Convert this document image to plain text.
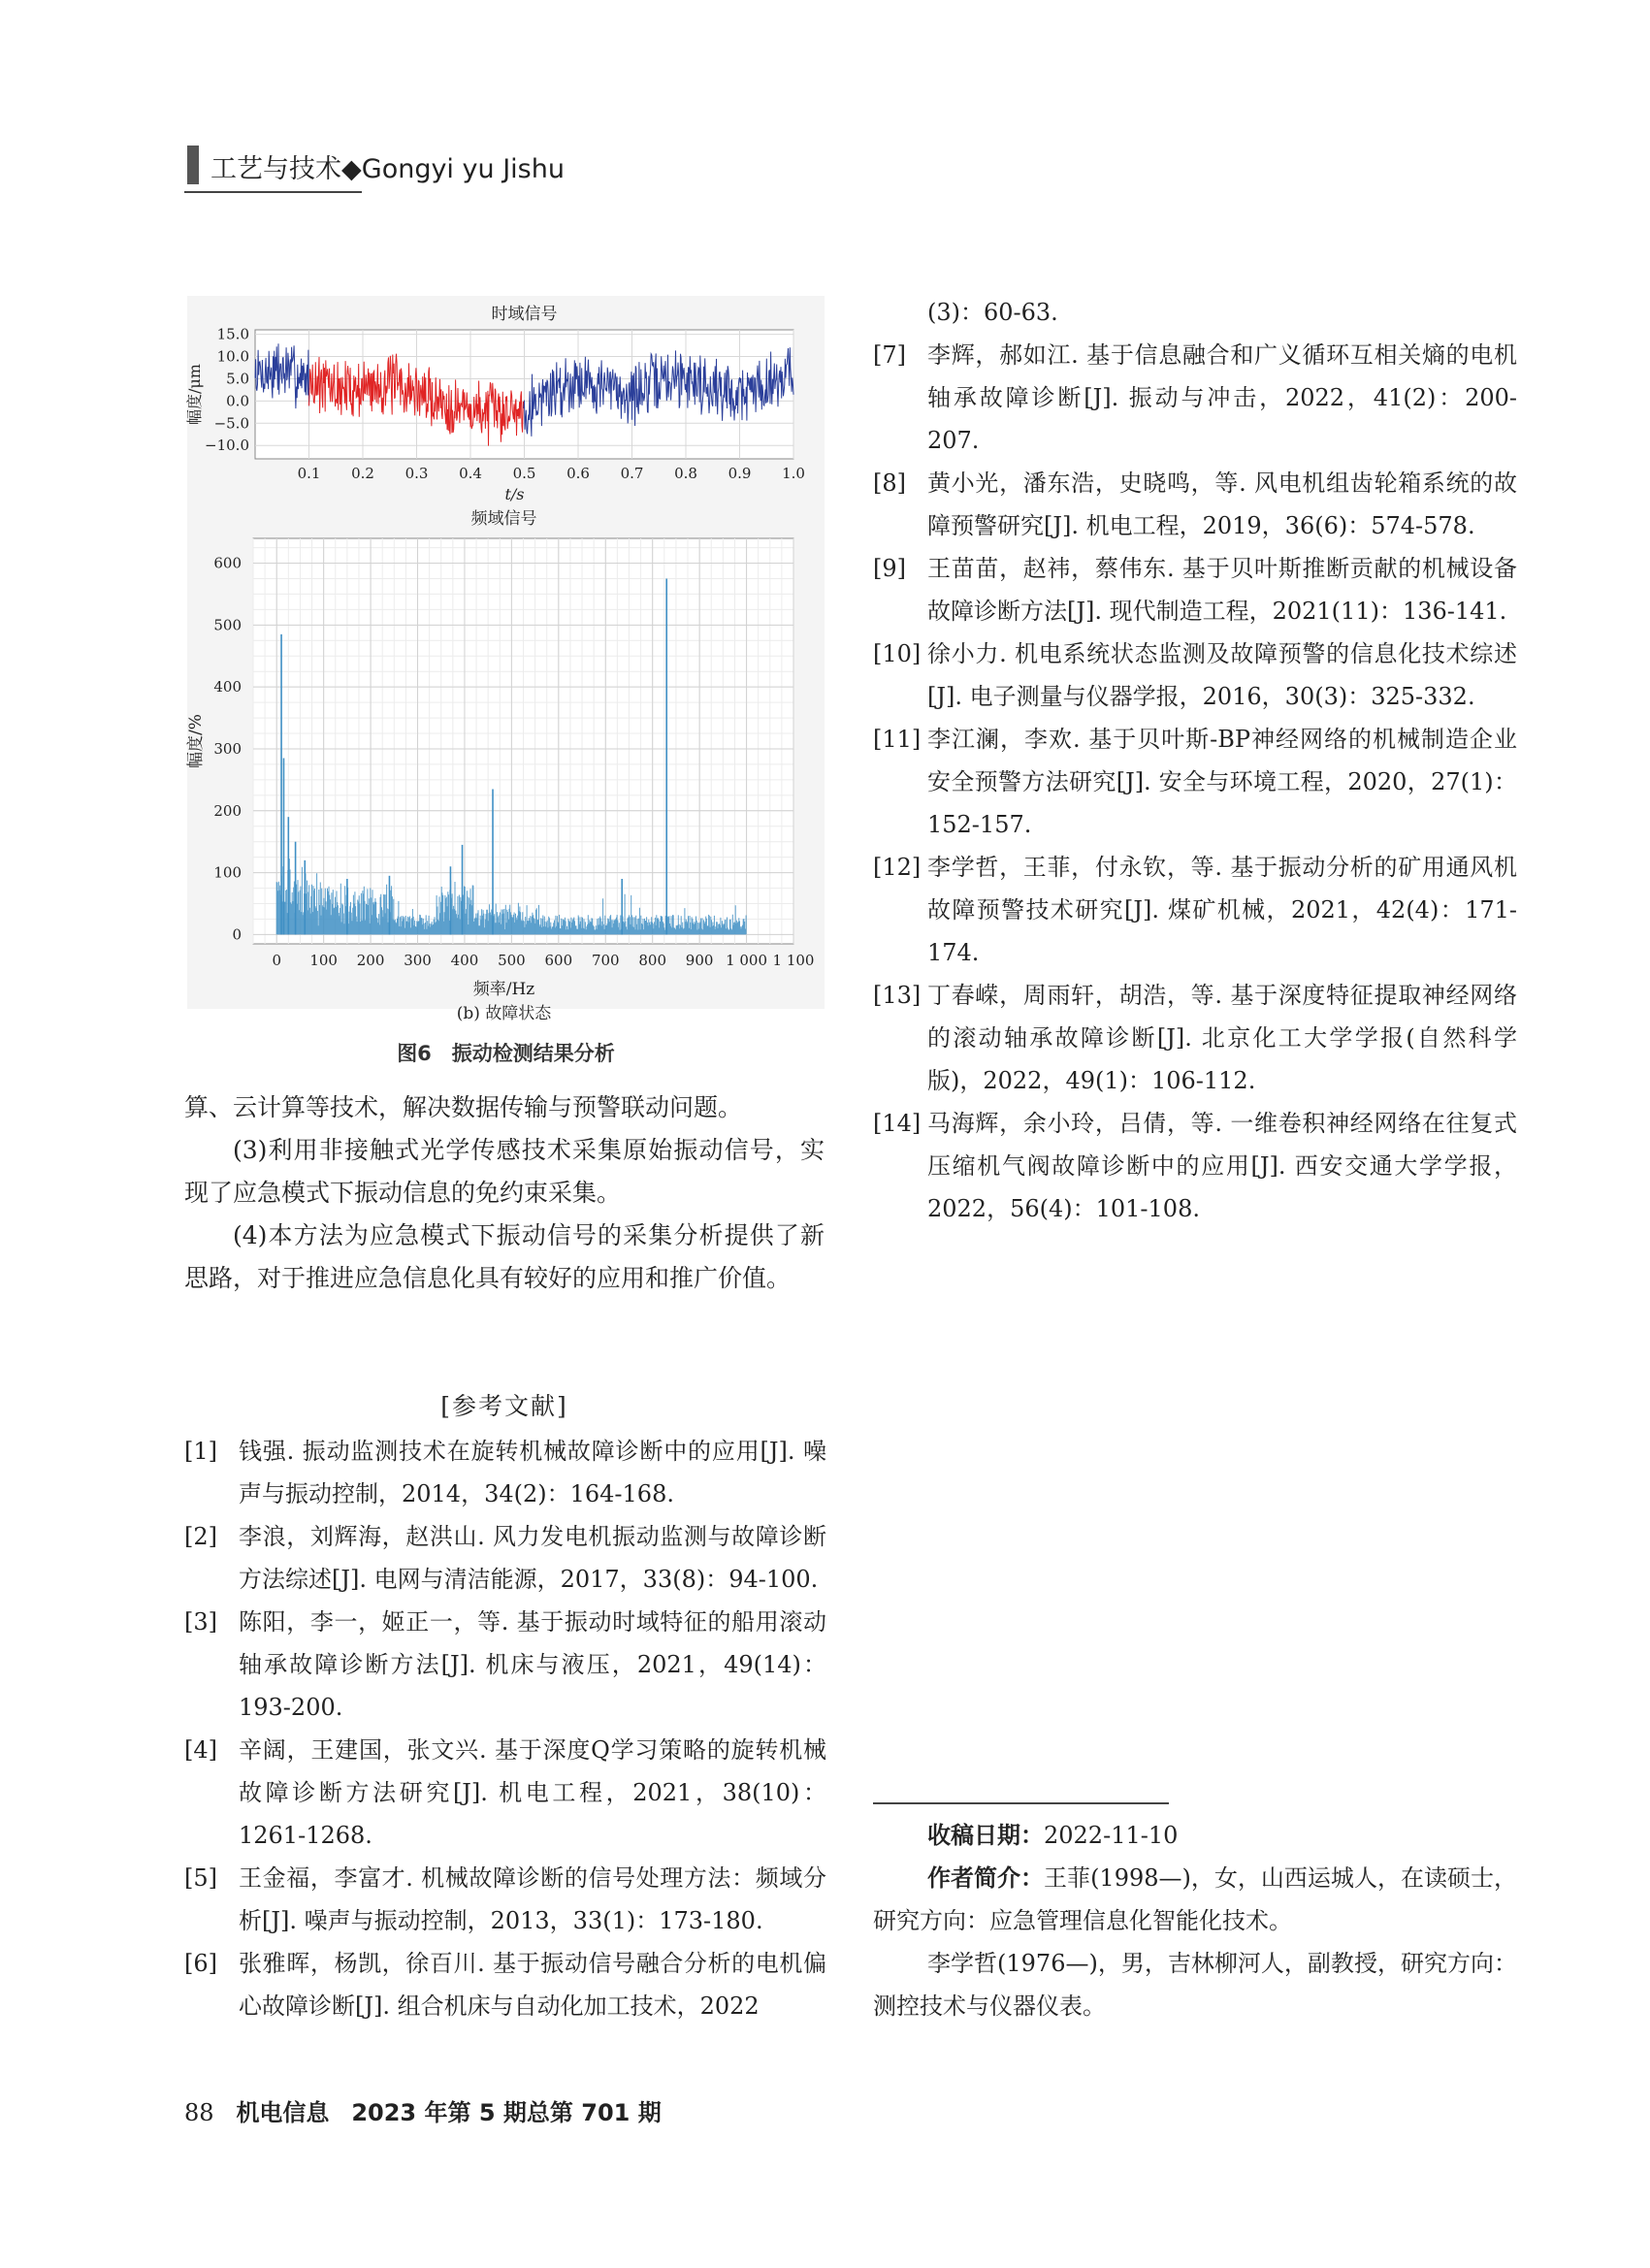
工艺与技术◆Gongyi yu Jishu
时域信号
0.1 0.2 0.3 0.4 0.5 0.6 0.7 0.8 0.9 1.0
15.0
10.0
5.0
0.0
−5.0
−10.0
t/s
幅度/μm
频域信号
0 100 200 300 400 500 600 700 800 900 1 000 1 100
0
100
200
300
400
500
600
频率/Hz
幅度/%
(b) 故障状态
图6　振动检测结果分析

算、云计算等技术，解决数据传输与预警联动问题。

(3)利用非接触式光学传感技术采集原始振动信号，实现了应急模式下振动信息的免约束采集。

(4)本方法为应急模式下振动信号的采集分析提供了新思路，对于推进应急信息化具有较好的应用和推广价值。

[参考文献]

[1] 钱强. 振动监测技术在旋转机械故障诊断中的应用[J]. 噪声与振动控制，2014，34(2)：164-168.

[2] 李浪，刘辉海，赵洪山. 风力发电机振动监测与故障诊断方法综述[J]. 电网与清洁能源，2017，33(8)：94-100.

[3] 陈阳，李一，姬正一，等. 基于振动时域特征的船用滚动轴承故障诊断方法[J]. 机床与液压，2021，49(14)：193-200.

[4] 辛阔，王建国，张文兴. 基于深度Q学习策略的旋转机械故障诊断方法研究[J]. 机电工程，2021，38(10)：1261-1268.

[5] 王金福，李富才. 机械故障诊断的信号处理方法：频域分析[J]. 噪声与振动控制，2013，33(1)：173-180.

[6] 张雅晖，杨凯，徐百川. 基于振动信号融合分析的电机偏心故障诊断[J]. 组合机床与自动化加工技术，2022

(3)：60-63.

[7] 李辉，郝如江. 基于信息融合和广义循环互相关熵的电机轴承故障诊断[J]. 振动与冲击，2022，41(2)：200-207.

[8] 黄小光，潘东浩，史晓鸣，等. 风电机组齿轮箱系统的故障预警研究[J]. 机电工程，2019，36(6)：574-578.

[9] 王苗苗，赵祎，蔡伟东. 基于贝叶斯推断贡献的机械设备故障诊断方法[J]. 现代制造工程，2021(11)：136-141.

[10] 徐小力. 机电系统状态监测及故障预警的信息化技术综述[J]. 电子测量与仪器学报，2016，30(3)：325-332.

[11] 李江澜，李欢. 基于贝叶斯-BP神经网络的机械制造企业安全预警方法研究[J]. 安全与环境工程，2020，27(1)：152-157.

[12] 李学哲，王菲，付永钦，等. 基于振动分析的矿用通风机故障预警技术研究[J]. 煤矿机械，2021，42(4)：171-174.

[13] 丁春嵘，周雨轩，胡浩，等. 基于深度特征提取神经网络的滚动轴承故障诊断[J]. 北京化工大学学报(自然科学版)，2022，49(1)：106-112.

[14] 马海辉，余小玲，吕倩，等. 一维卷积神经网络在往复式压缩机气阀故障诊断中的应用[J]. 西安交通大学学报，2022，56(4)：101-108.

收稿日期：2022-11-10

作者简介：王菲(1998—)，女，山西运城人，在读硕士，研究方向：应急管理信息化智能化技术。

李学哲(1976—)，男，吉林柳河人，副教授，研究方向：测控技术与仪器仪表。

88 机电信息 2023 年第 5 期总第 701 期
